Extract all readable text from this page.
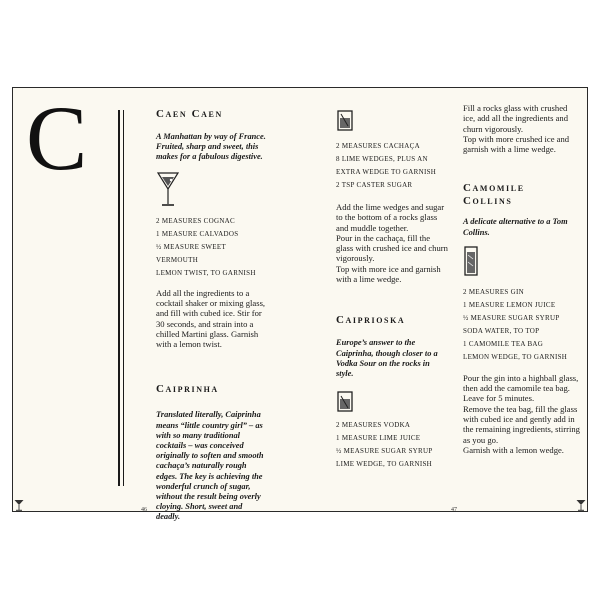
C	Caen Caen

A Manhattan by way of France. Fruited, sharp and sweet, this makes for a fabulous digestive.

2 MEASURES COGNAC

1 MEASURE CALVADOS

½ MEASURE SWEET VERMOUTH

LEMON TWIST, TO GARNISH

Add all the ingredients to a cocktail shaker or mixing glass, and fill with cubed ice. Stir for 30 seconds, and strain into a chilled Martini glass. Garnish with a lemon twist.

Caiprinha

Translated literally, Caiprinha means “little country girl” – as with so many traditional cocktails – was conceived originally to soften and smooth cachaça’s naturally rough edges. The key is achieving the wonderful crunch of sugar, without the result being overly cloying. Short, sweet and deadly.

2 MEASURES CACHAÇA

8 LIME WEDGES, PLUS AN EXTRA WEDGE TO GARNISH

2 TSP CASTER SUGAR

Add the lime wedges and sugar to the bottom of a rocks glass and muddle together.

Pour in the cachaça, fill the glass with crushed ice and churn vigorously.

Top with more ice and garnish with a lime wedge.

Caiprioska

Europe’s answer to the Caiprinha, though closer to a Vodka Sour on the rocks in style.

2 MEASURES VODKA

1 MEASURE LIME JUICE

½ MEASURE SUGAR SYRUP

LIME WEDGE, TO GARNISH

Fill a rocks glass with crushed ice, add all the ingredients and churn vigorously.

Top with more crushed ice and garnish with a lime wedge.

Camomile
Collins

A delicate alternative to a Tom Collins.

2 MEASURES GIN

1 MEASURE LEMON JUICE

½ MEASURE SUGAR SYRUP

SODA WATER, TO TOP

1 CAMOMILE TEA BAG

LEMON WEDGE, TO GARNISH

Pour the gin into a highball glass, then add the camomile tea bag.

Leave for 5 minutes.

Remove the tea bag, fill the glass with cubed ice and gently add in the remaining ingredients, stirring as you go.

Garnish with a lemon wedge.

46	47
